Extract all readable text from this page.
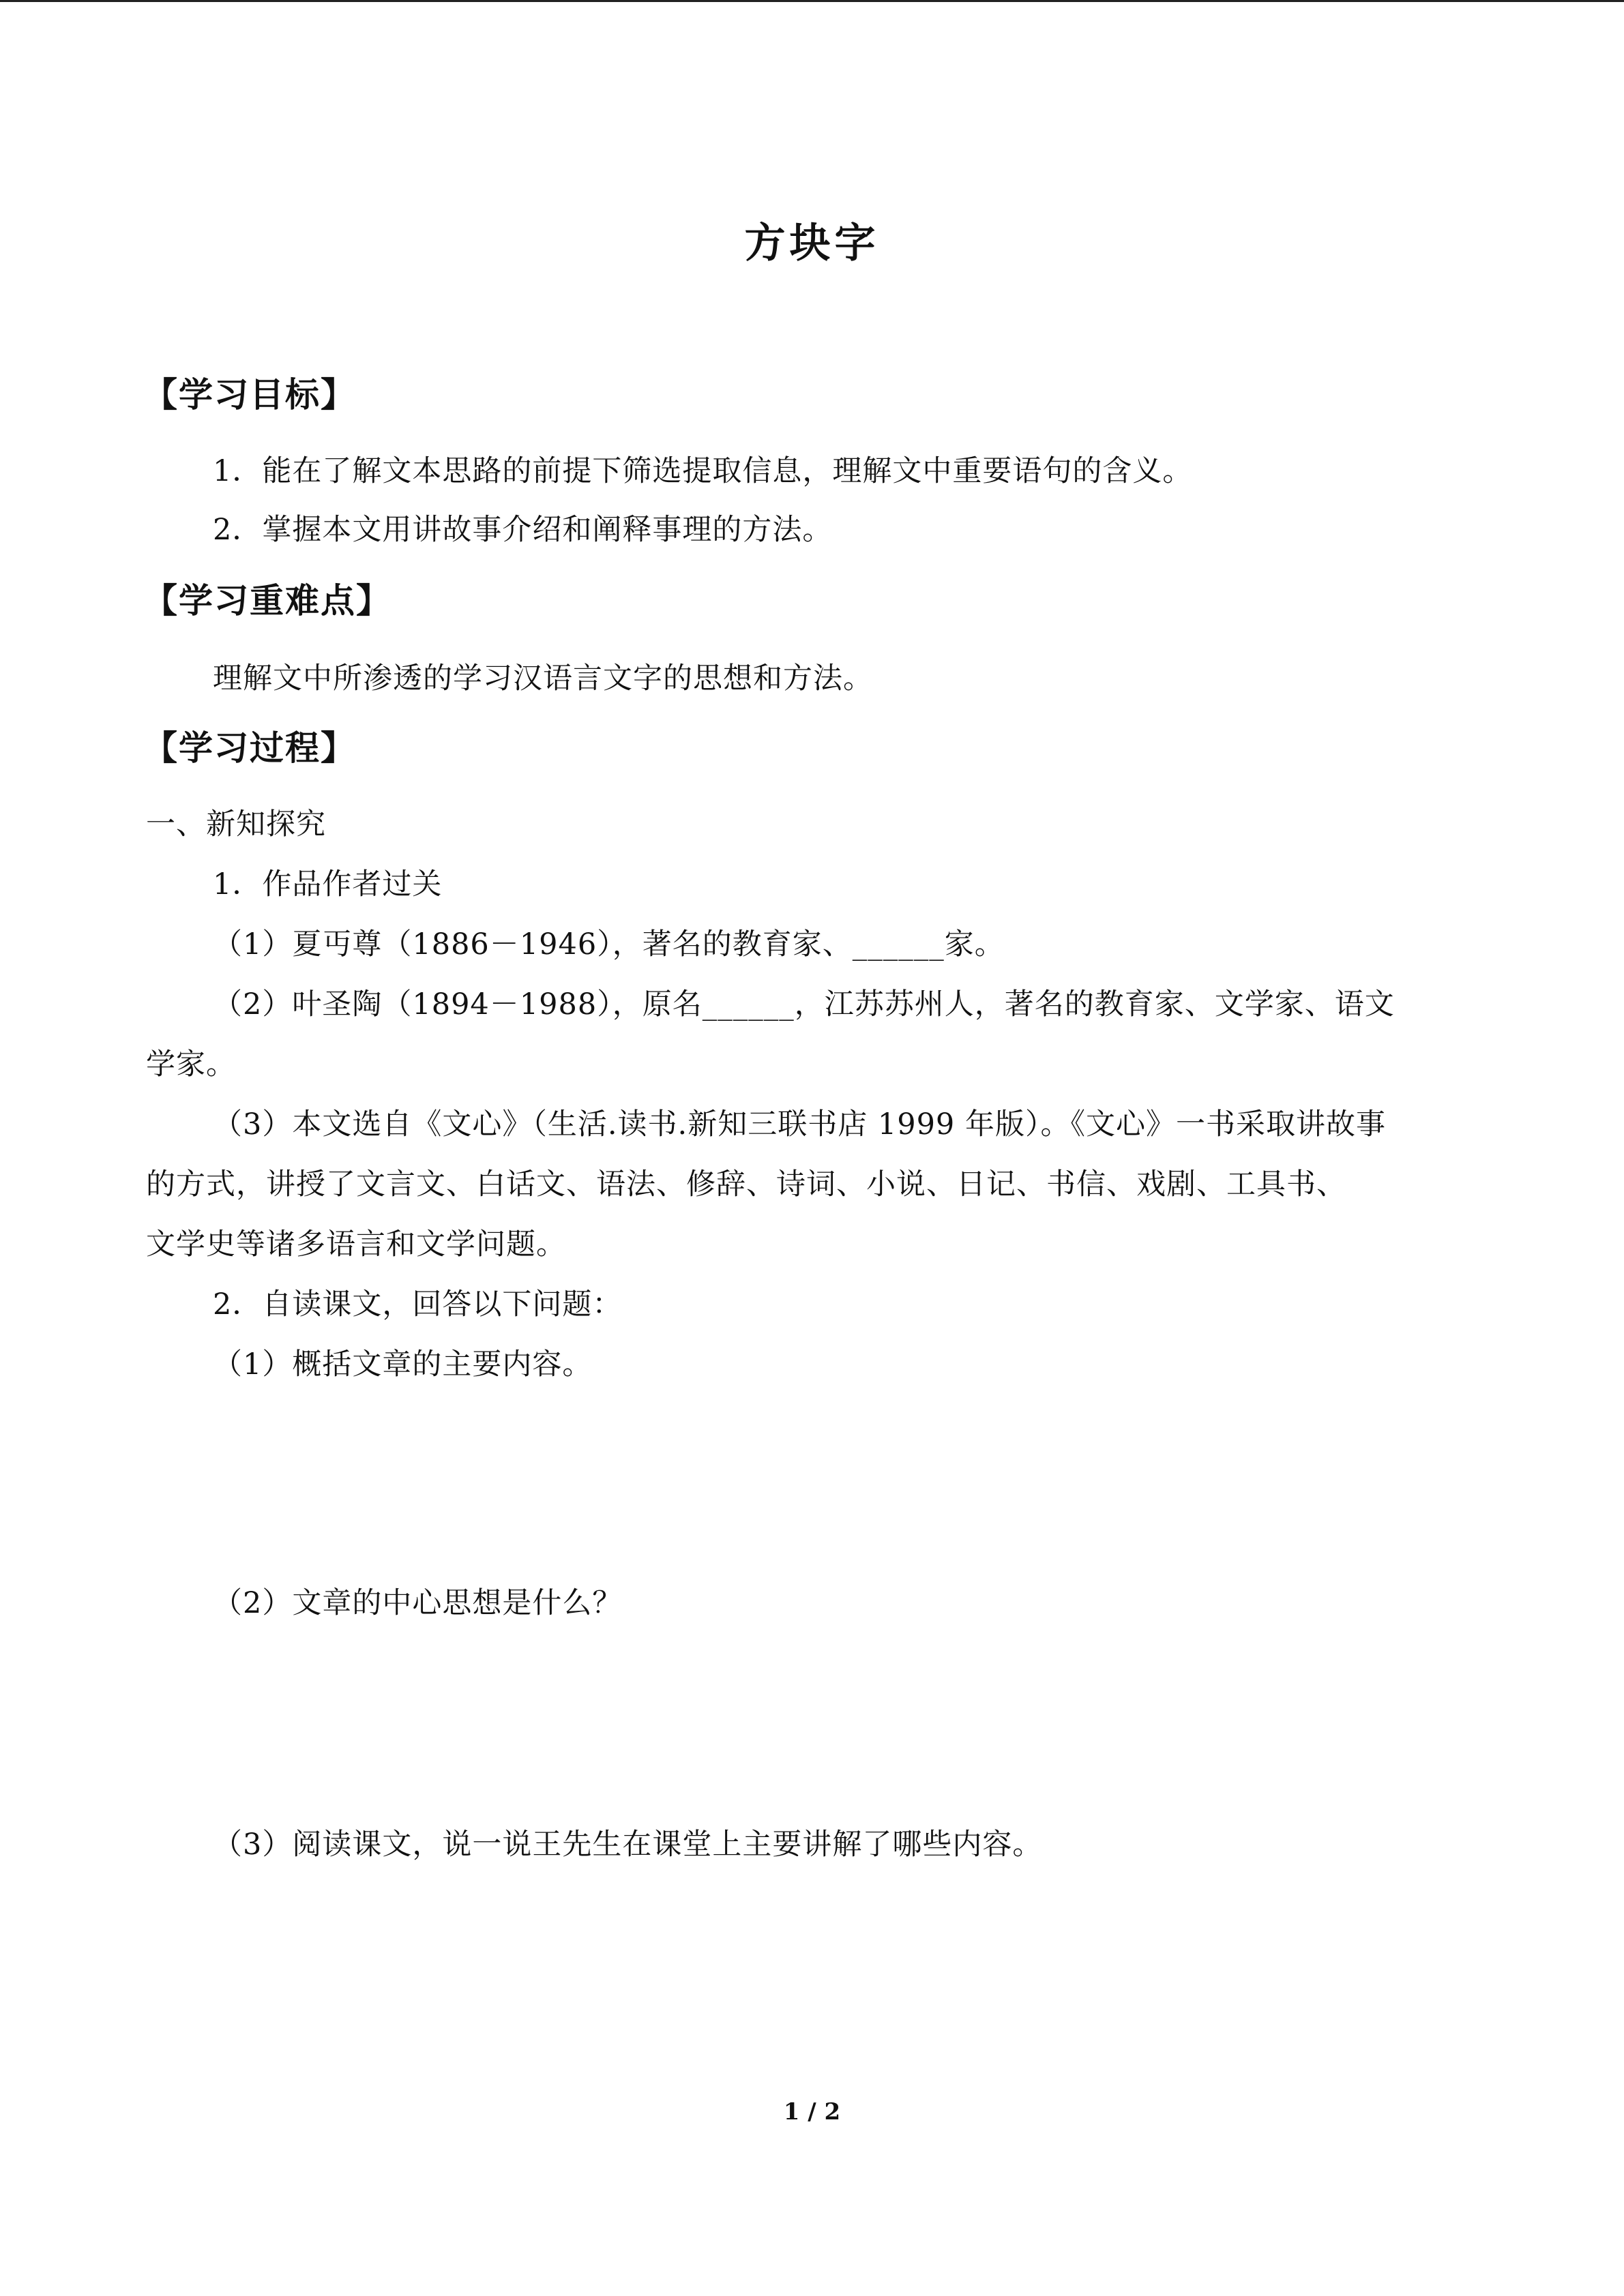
方块字
【学习目标】
1．能在了解文本思路的前提下筛选提取信息，理解文中重要语句的含义。
2．掌握本文用讲故事介绍和阐释事理的方法。
【学习重难点】
理解文中所渗透的学习汉语言文字的思想和方法。
【学习过程】
一、新知探究
1．作品作者过关
（1）夏丏尊（1886－1946），著名的教育家、______家。
（2）叶圣陶（1894－1988），原名______，江苏苏州人，著名的教育家、文学家、语文
学家。
（3）本文选自《文心》（生活.读书.新知三联书店 1999 年版）。《文心》一书采取讲故事
的方式，讲授了文言文、白话文、语法、修辞、诗词、小说、日记、书信、戏剧、工具书、
文学史等诸多语言和文学问题。
2．自读课文，回答以下问题：
（1）概括文章的主要内容。
（2）文章的中心思想是什么？
（3）阅读课文，说一说王先生在课堂上主要讲解了哪些内容。
1 / 2
